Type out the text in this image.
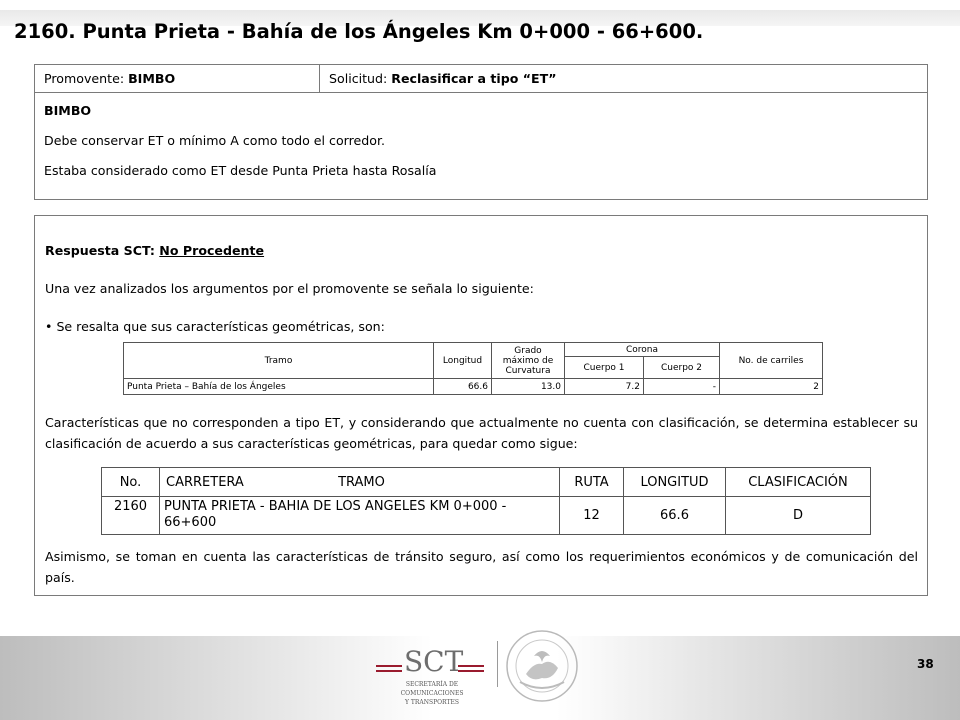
2160. Punta Prieta - Bahía de los Ángeles Km 0+000 - 66+600.
Promovente: BIMBO	Solicitud: Reclasificar a tipo “ET”

BIMBO

Debe conservar ET o mínimo A como todo el corredor.

Estaba considerado como ET desde Punta Prieta hasta Rosalía

Respuesta SCT: No Procedente

Una vez analizados los argumentos por el promovente se señala lo siguiente:

• Se resalta que sus características geométricas, son:

Tramo	Longitud	Grado máximo de Curvatura	Corona		No. de carriles
			Cuerpo 1	Cuerpo 2	
Punta Prieta – Bahía de los Ángeles	66.6	13.0	7.2	-	2

Características que no corresponden a tipo ET, y considerando que actualmente no cuenta con clasificación, se determina establecer su clasificación de acuerdo a sus características geométricas, para quedar como sigue:

No.	CARRETERA TRAMO	RUTA	LONGITUD	CLASIFICACIÓN
2160	PUNTA PRIETA - BAHIA DE LOS ANGELES KM 0+000 - 66+600	12	66.6	D

Asimismo, se toman en cuenta las características de tránsito seguro, así como los requerimientos económicos y de comunicación del país.

SCT
SECRETARÍA DE
COMUNICACIONES
Y TRANSPORTES
38
